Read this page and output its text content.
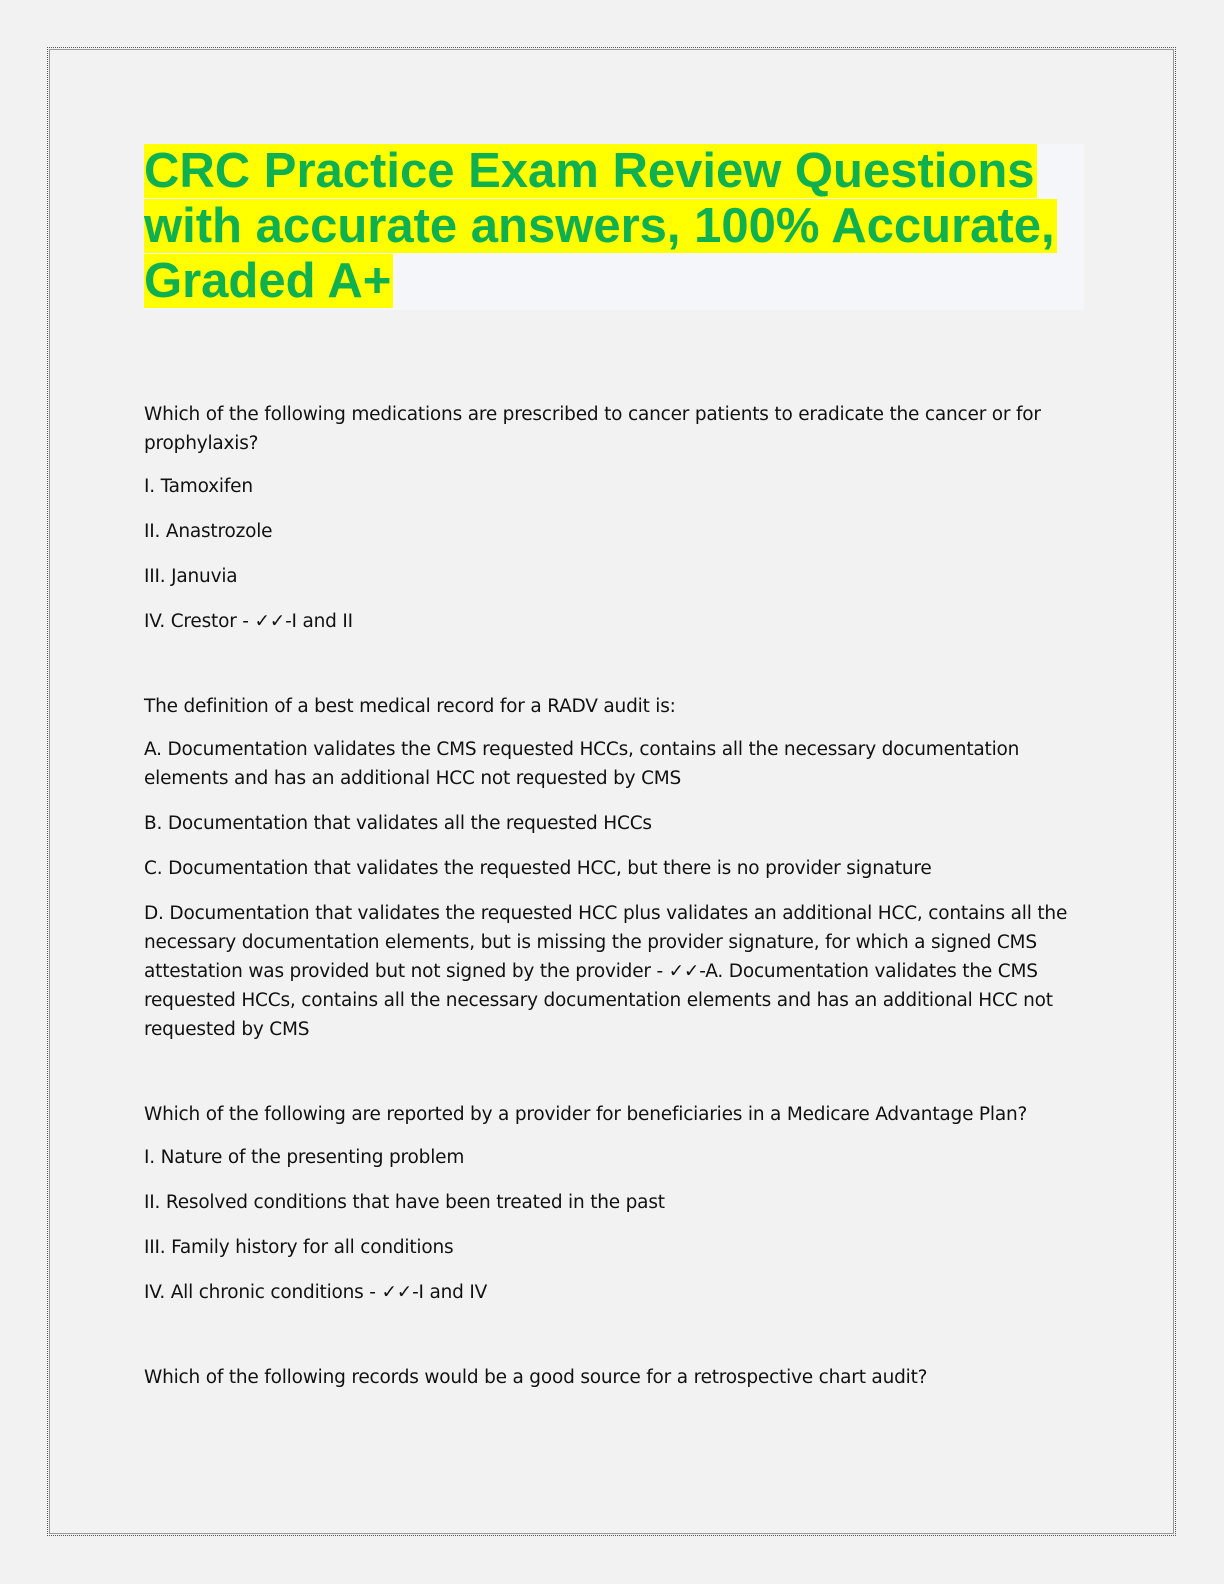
CRC Practice Exam Review Questions with accurate answers, 100% Accurate, Graded A+

Which of the following medications are prescribed to cancer patients to eradicate the cancer or for prophylaxis?

I. Tamoxifen

II. Anastrozole

III. Januvia

IV. Crestor - ✓✓-I and II

The definition of a best medical record for a RADV audit is:

A. Documentation validates the CMS requested HCCs, contains all the necessary documentation elements and has an additional HCC not requested by CMS

B. Documentation that validates all the requested HCCs

C. Documentation that validates the requested HCC, but there is no provider signature

D. Documentation that validates the requested HCC plus validates an additional HCC, contains all the necessary documentation elements, but is missing the provider signature, for which a signed CMS attestation was provided but not signed by the provider - ✓✓-A. Documentation validates the CMS requested HCCs, contains all the necessary documentation elements and has an additional HCC not requested by CMS

Which of the following are reported by a provider for beneficiaries in a Medicare Advantage Plan?

I. Nature of the presenting problem

II. Resolved conditions that have been treated in the past

III. Family history for all conditions

IV. All chronic conditions - ✓✓-I and IV

Which of the following records would be a good source for a retrospective chart audit?
